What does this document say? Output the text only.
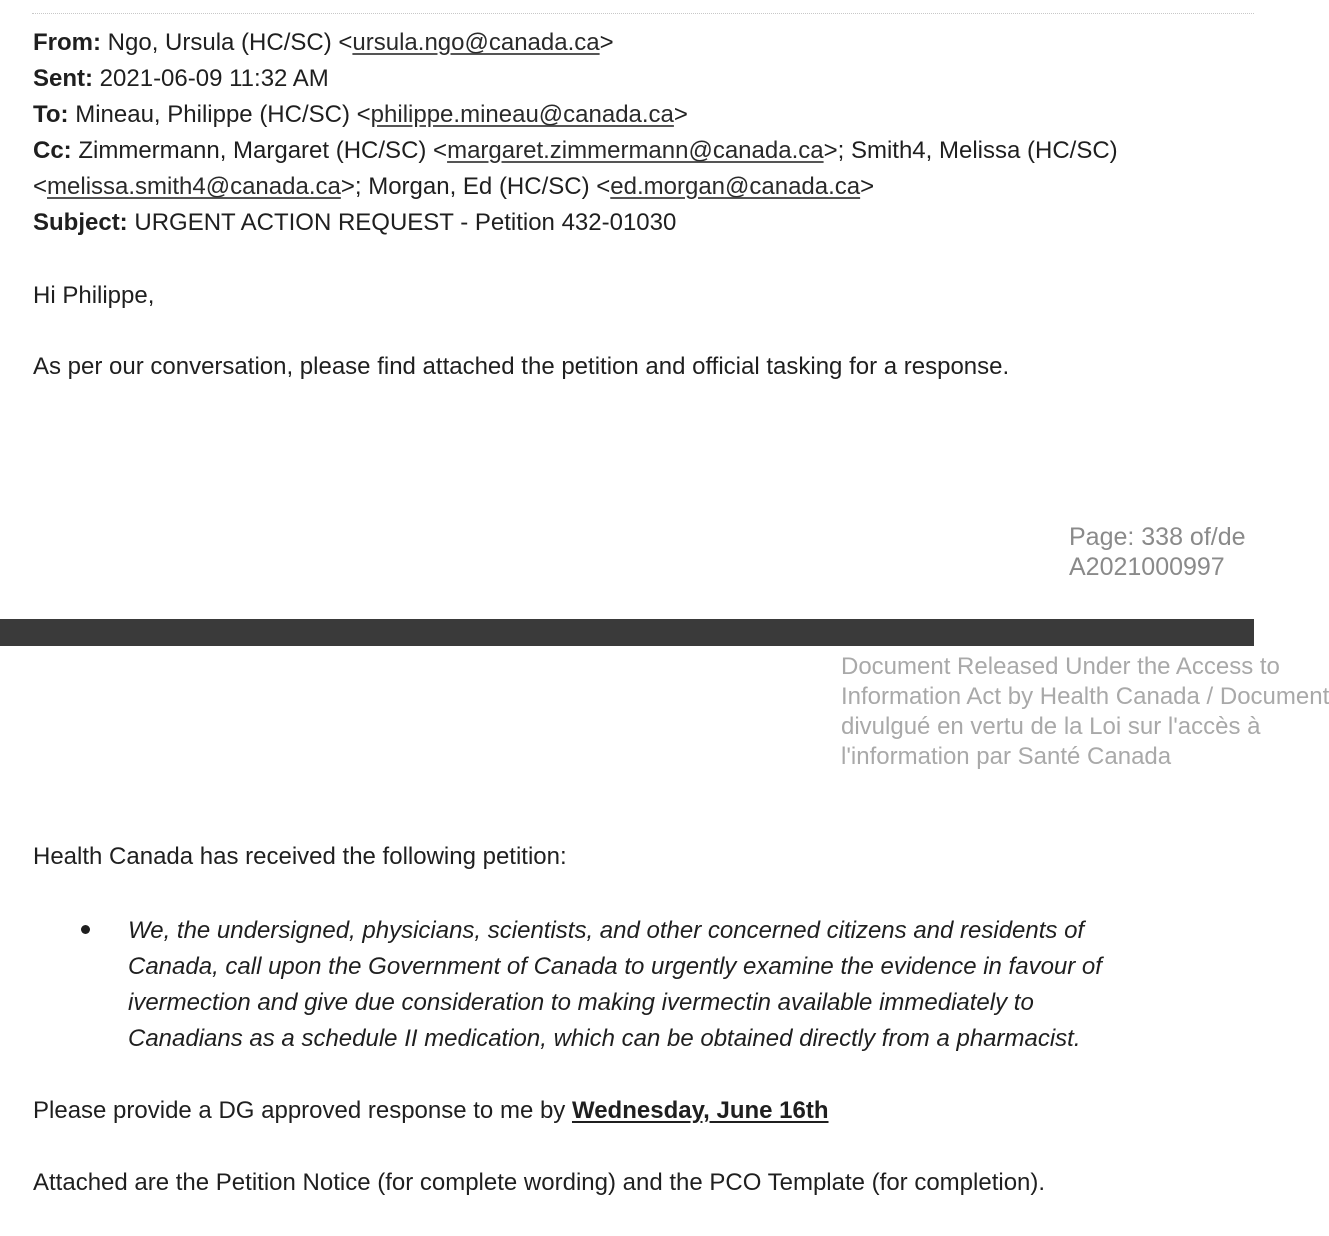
From: Ngo, Ursula (HC/SC) <ursula.ngo@canada.ca>
Sent: 2021-06-09 11:32 AM
To: Mineau, Philippe (HC/SC) <philippe.mineau@canada.ca>
Cc: Zimmermann, Margaret (HC/SC) <margaret.zimmermann@canada.ca>; Smith4, Melissa (HC/SC)
<melissa.smith4@canada.ca>; Morgan, Ed (HC/SC) <ed.morgan@canada.ca>
Subject: URGENT ACTION REQUEST - Petition 432-01030
Hi Philippe,
As per our conversation, please find attached the petition and official tasking for a response.
Page: 338 of/de
A2021000997
Document Released Under the Access to
Information Act by Health Canada / Document
divulgué en vertu de la Loi sur l'accès à
l'information par Santé Canada
Health Canada has received the following petition:
We, the undersigned, physicians, scientists, and other concerned citizens and residents of
Canada, call upon the Government of Canada to urgently examine the evidence in favour of
ivermection and give due consideration to making ivermectin available immediately to
Canadians as a schedule II medication, which can be obtained directly from a pharmacist.
Please provide a DG approved response to me by Wednesday, June 16th
Attached are the Petition Notice (for complete wording) and the PCO Template (for completion).
